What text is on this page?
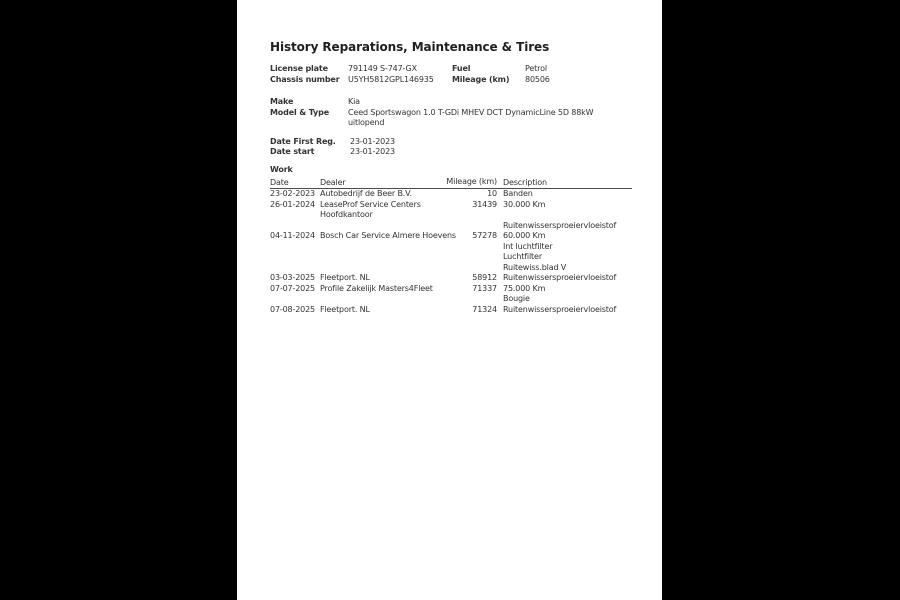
History Reparations, Maintenance & Tires
License plate	791149 S-747-GX	Fuel	Petrol
Chassis number	U5YH5812GPL146935	Mileage (km)	80506
Make	Kia
Model & Type	Ceed Sportswagon 1.0 T-GDi MHEV DCT DynamicLine 5D 88kW
uitlopend
Date First Reg.	23-01-2023
Date start	23-01-2023
Work
Date	Dealer	Mileage (km)	Description
23-02-2023	Autobedrijf de Beer B.V.	10	Banden
26-01-2024	LeaseProf Service Centers Hoofdkantoor	31439	30.000 Km
			Ruitenwissersproeiervloeistof
04-11-2024	Bosch Car Service Almere Hoevens	57278	60.000 Km
			Int luchtfilter
			Luchtfilter
			Ruitewiss.blad V
03-03-2025	Fleetport. NL	58912	Ruitenwissersproeiervloeistof
07-07-2025	Profile Zakelijk Masters4Fleet	71337	75.000 Km
			Bougie
07-08-2025	Fleetport. NL	71324	Ruitenwissersproeiervloeistof
